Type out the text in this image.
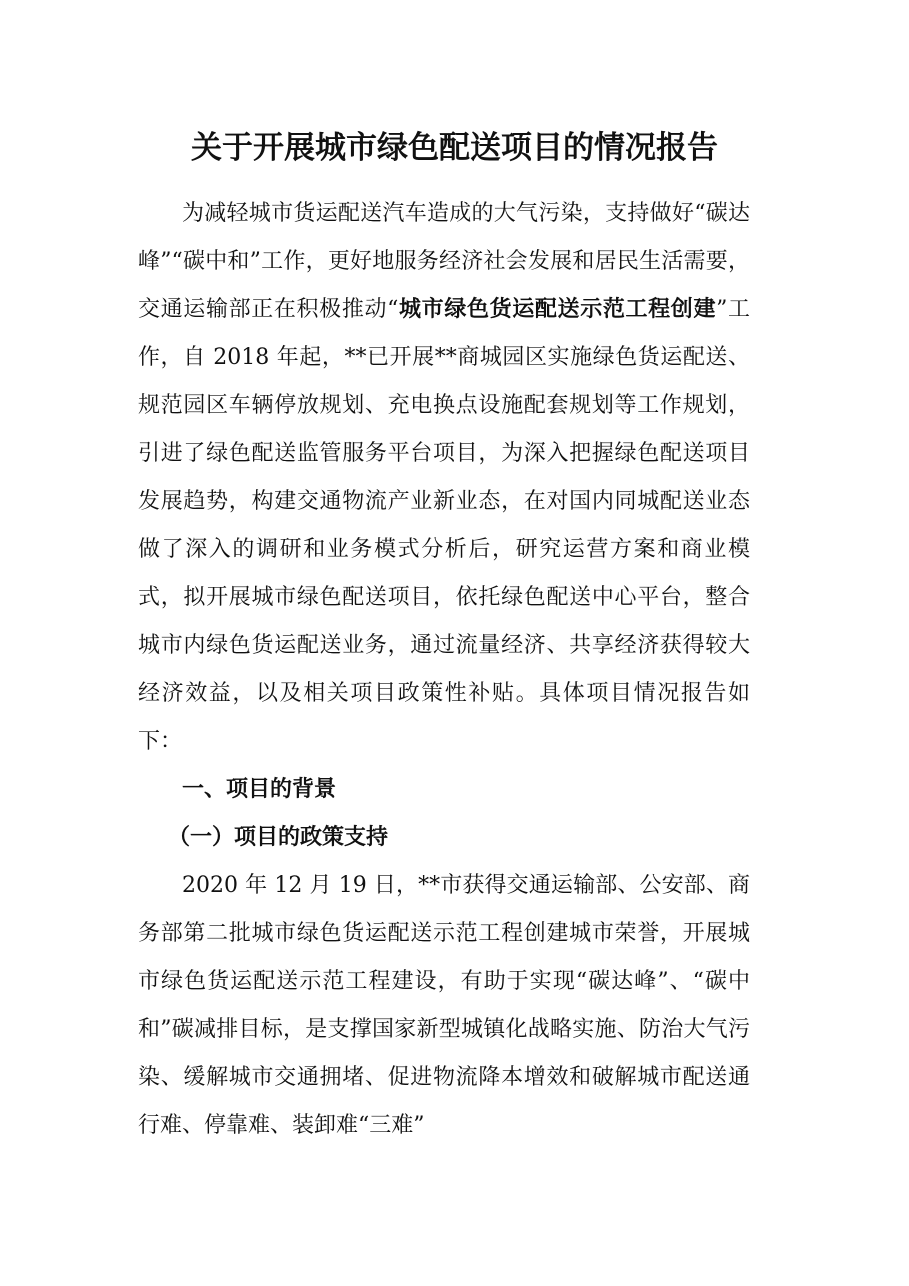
关于开展城市绿色配送项目的情况报告

为减轻城市货运配送汽车造成的大气污染，支持做好“碳达峰”“碳中和”工作，更好地服务经济社会发展和居民生活需要，交通运输部正在积极推动“城市绿色货运配送示范工程创建”工作，自 2018 年起，**已开展**商城园区实施绿色货运配送、规范园区车辆停放规划、充电换点设施配套规划等工作规划，引进了绿色配送监管服务平台项目，为深入把握绿色配送项目发展趋势，构建交通物流产业新业态，在对国内同城配送业态做了深入的调研和业务模式分析后，研究运营方案和商业模式，拟开展城市绿色配送项目，依托绿色配送中心平台，整合城市内绿色货运配送业务，通过流量经济、共享经济获得较大经济效益，以及相关项目政策性补贴。具体项目情况报告如下：

一、项目的背景

（一）项目的政策支持

2020 年 12 月 19 日，**市获得交通运输部、公安部、商务部第二批城市绿色货运配送示范工程创建城市荣誉，开展城市绿色货运配送示范工程建设，有助于实现“碳达峰”、“碳中和”碳减排目标，是支撑国家新型城镇化战略实施、防治大气污染、缓解城市交通拥堵、促进物流降本增效和破解城市配送通行难、停靠难、装卸难“三难”
